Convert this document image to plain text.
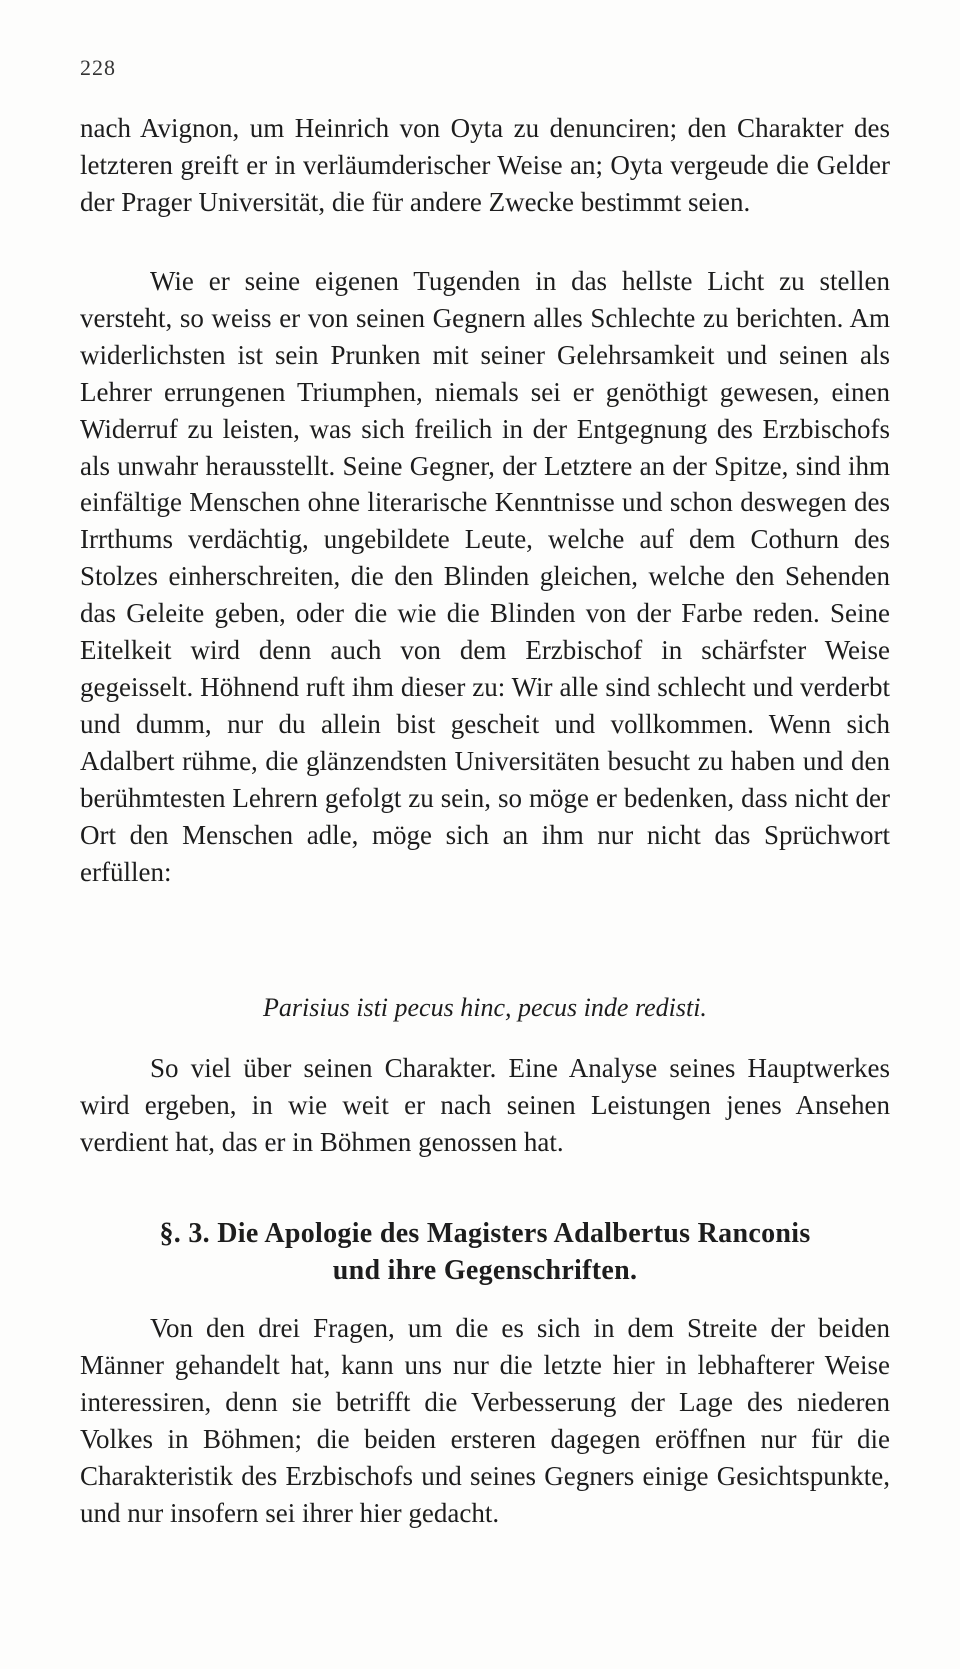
228

nach Avignon, um Heinrich von Oyta zu denunciren; den Charakter des letzteren greift er in verläumderischer Weise an; Oyta vergeude die Gelder der Prager Universität, die für andere Zwecke bestimmt seien.

Wie er seine eigenen Tugenden in das hellste Licht zu stellen versteht, so weiss er von seinen Gegnern alles Schlechte zu berichten. Am widerlichsten ist sein Prunken mit seiner Gelehrsamkeit und seinen als Lehrer errungenen Triumphen, niemals sei er genöthigt gewesen, einen Widerruf zu leisten, was sich freilich in der Entgegnung des Erzbischofs als unwahr herausstellt. Seine Gegner, der Letztere an der Spitze, sind ihm einfältige Menschen ohne literarische Kenntnisse und schon deswegen des Irrthums verdächtig, ungebildete Leute, welche auf dem Cothurn des Stolzes einherschreiten, die den Blinden gleichen, welche den Sehenden das Geleite geben, oder die wie die Blinden von der Farbe reden. Seine Eitelkeit wird denn auch von dem Erzbischof in schärfster Weise gegeisselt. Höhnend ruft ihm dieser zu: Wir alle sind schlecht und verderbt und dumm, nur du allein bist gescheit und vollkommen. Wenn sich Adalbert rühme, die glänzendsten Universitäten besucht zu haben und den berühmtesten Lehrern gefolgt zu sein, so möge er bedenken, dass nicht der Ort den Menschen adle, möge sich an ihm nur nicht das Sprüchwort erfüllen:

Parisius isti pecus hinc, pecus inde redisti.

So viel über seinen Charakter. Eine Analyse seines Hauptwerkes wird ergeben, in wie weit er nach seinen Leistungen jenes Ansehen verdient hat, das er in Böhmen genossen hat.

§. 3. Die Apologie des Magisters Adalbertus Ranconis
und ihre Gegenschriften.

Von den drei Fragen, um die es sich in dem Streite der beiden Männer gehandelt hat, kann uns nur die letzte hier in lebhafterer Weise interessiren, denn sie betrifft die Verbesserung der Lage des niederen Volkes in Böhmen; die beiden ersteren dagegen eröffnen nur für die Charakteristik des Erzbischofs und seines Gegners einige Gesichtspunkte, und nur insofern sei ihrer hier gedacht.
